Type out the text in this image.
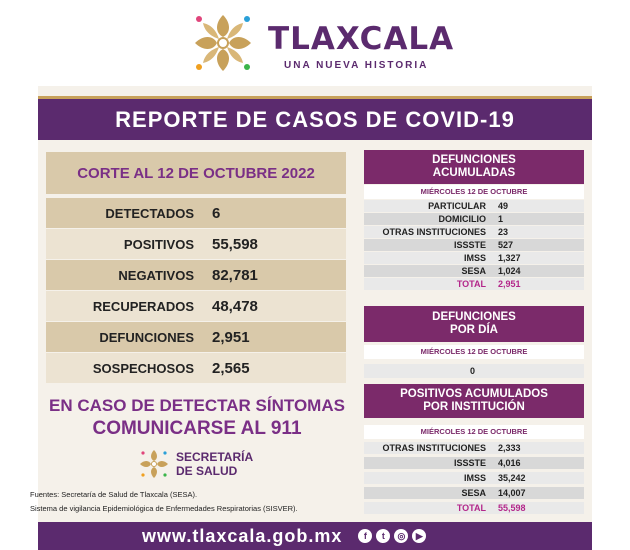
TLAXCALA
UNA NUEVA HISTORIA
REPORTE DE CASOS DE COVID-19
CORTE AL 12 DE OCTUBRE 2022
DETECTADOS	6
POSITIVOS	55,598
NEGATIVOS	82,781
RECUPERADOS	48,478
DEFUNCIONES	2,951
SOSPECHOSOS	2,565
EN CASO DE DETECTAR SÍNTOMAS
COMUNICARSE AL 911
SECRETARÍA
DE SALUD
Fuentes: Secretaría de Salud de Tlaxcala (SESA).
Sistema de vigilancia Epidemiológica de Enfermedades Respiratorias (SISVER).
DEFUNCIONES
ACUMULADAS
MIÉRCOLES 12 DE OCTUBRE
PARTICULAR	49
DOMICILIO	1
OTRAS INSTITUCIONES	23
ISSSTE	527
IMSS	1,327
SESA	1,024
TOTAL	2,951
DEFUNCIONES
POR DÍA
MIÉRCOLES 12 DE OCTUBRE
0
POSITIVOS ACUMULADOS
POR INSTITUCIÓN
MIÉRCOLES 12 DE OCTUBRE
OTRAS INSTITUCIONES	2,333
ISSSTE	4,016
IMSS	35,242
SESA	14,007
TOTAL	55,598
www.tlaxcala.gob.mx	f	t	◎	▶
